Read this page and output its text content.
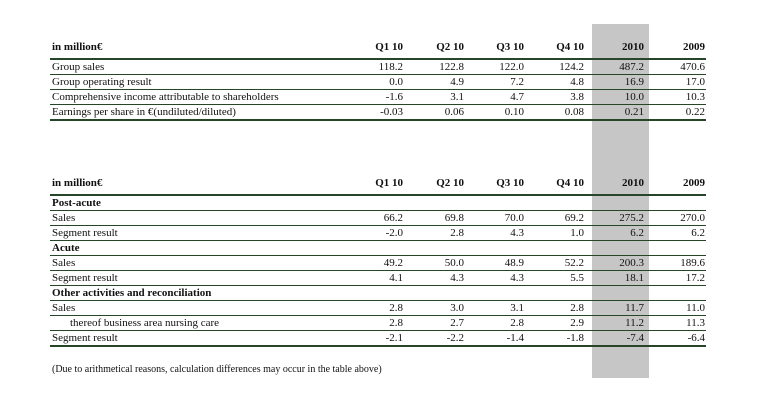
in million€	Q1 10	Q2 10	Q3 10	Q4 10	2010	2009
Group sales	118.2	122.8	122.0	124.2	487.2	470.6
Group operating result	0.0	4.9	7.2	4.8	16.9	17.0
Comprehensive income attributable to shareholders	-1.6	3.1	4.7	3.8	10.0	10.3
Earnings per share in €(undiluted/diluted)	-0.03	0.06	0.10	0.08	0.21	0.22
in million€	Q1 10	Q2 10	Q3 10	Q4 10	2010	2009
Post-acute
Sales	66.2	69.8	70.0	69.2	275.2	270.0
Segment result	-2.0	2.8	4.3	1.0	6.2	6.2
Acute
Sales	49.2	50.0	48.9	52.2	200.3	189.6
Segment result	4.1	4.3	4.3	5.5	18.1	17.2
Other activities and reconciliation
Sales	2.8	3.0	3.1	2.8	11.7	11.0
thereof business area nursing care	2.8	2.7	2.8	2.9	11.2	11.3
Segment result	-2.1	-2.2	-1.4	-1.8	-7.4	-6.4
(Due to arithmetical reasons, calculation differences may occur in the table above)
